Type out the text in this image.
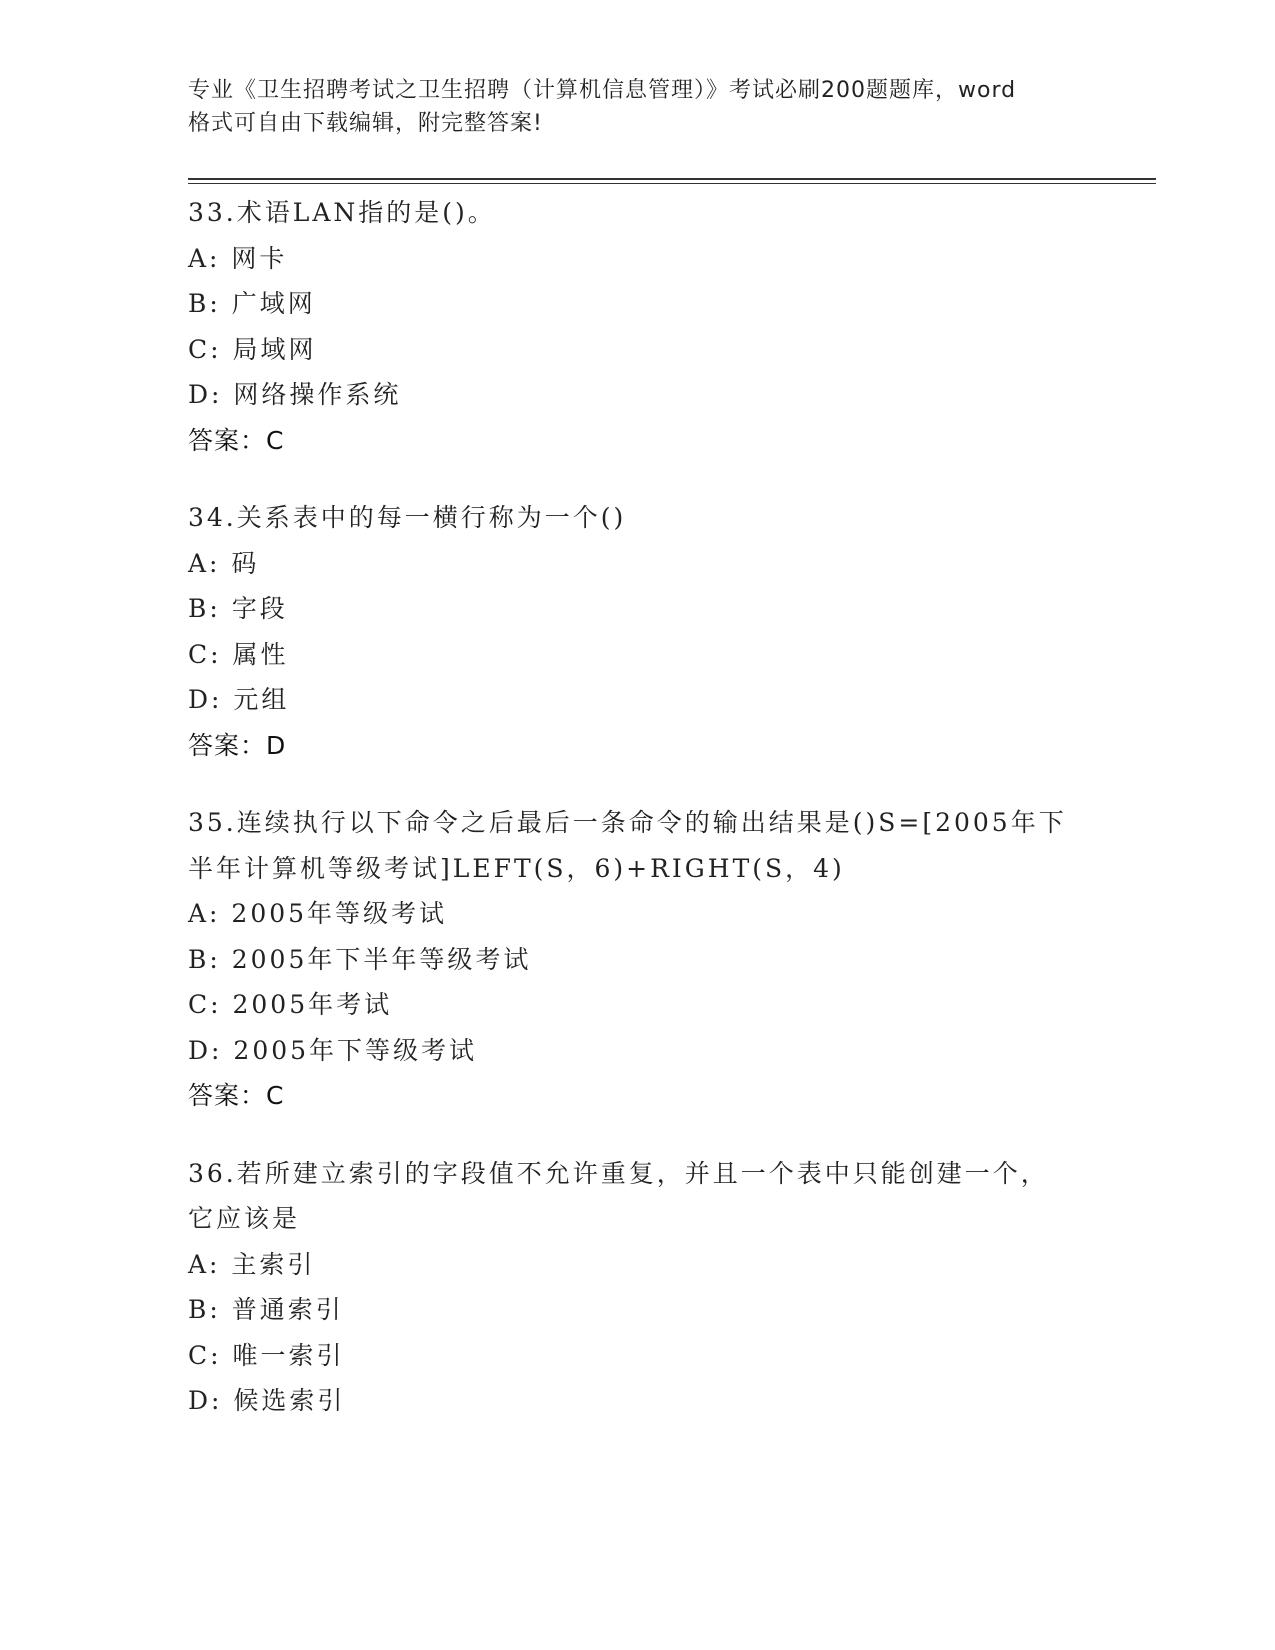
专业《卫生招聘考试之卫生招聘（计算机信息管理）》考试必刷200题题库，word
格式可自由下载编辑，附完整答案!
33.术语LAN指的是()。
A: 网卡
B: 广域网
C: 局域网
D: 网络操作系统
答案：C
34.关系表中的每一横行称为一个()
A: 码
B: 字段
C: 属性
D: 元组
答案：D
35.连续执行以下命令之后最后一条命令的输出结果是()S=[2005年下
半年计算机等级考试]LEFT(S，6)+RIGHT(S，4)
A: 2005年等级考试
B: 2005年下半年等级考试
C: 2005年考试
D: 2005年下等级考试
答案：C
36.若所建立索引的字段值不允许重复，并且一个表中只能创建一个，
它应该是
A: 主索引
B: 普通索引
C: 唯一索引
D: 候选索引
